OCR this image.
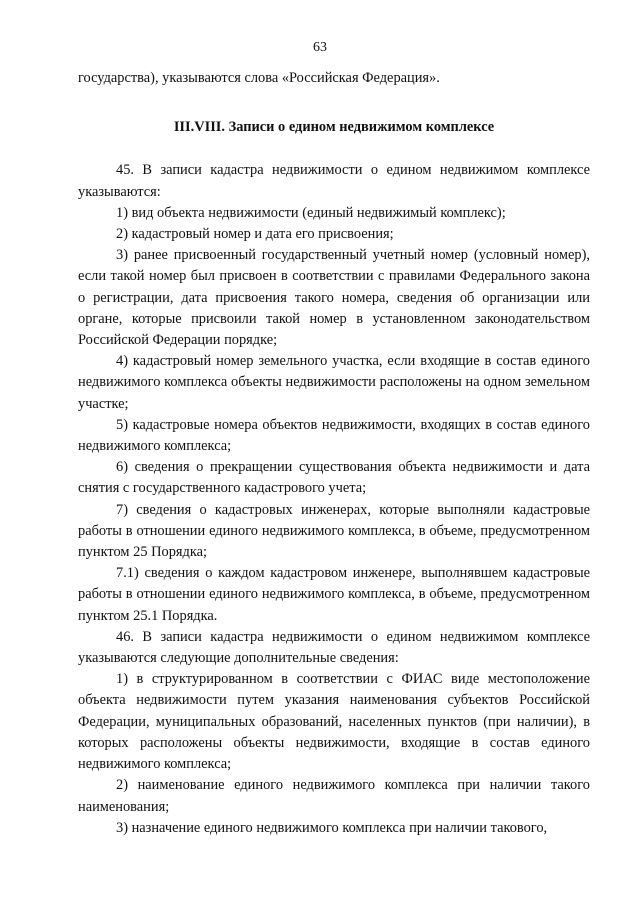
63

государства), указываются слова «Российская Федерация».

III.VIII. Записи о едином недвижимом комплексе

45. В записи кадастра недвижимости о едином недвижимом комплексе указываются:

1) вид объекта недвижимости (единый недвижимый комплекс);

2) кадастровый номер и дата его присвоения;

3) ранее присвоенный государственный учетный номер (условный номер), если такой номер был присвоен в соответствии с правилами Федерального закона о регистрации, дата присвоения такого номера, сведения об организации или органе, которые присвоили такой номер в установленном законодательством Российской Федерации порядке;

4) кадастровый номер земельного участка, если входящие в состав единого недвижимого комплекса объекты недвижимости расположены на одном земельном участке;

5) кадастровые номера объектов недвижимости, входящих в состав единого недвижимого комплекса;

6) сведения о прекращении существования объекта недвижимости и дата снятия с государственного кадастрового учета;

7) сведения о кадастровых инженерах, которые выполняли кадастровые работы в отношении единого недвижимого комплекса, в объеме, предусмотренном пунктом 25 Порядка;

7.1) сведения о каждом кадастровом инженере, выполнявшем кадастровые работы в отношении единого недвижимого комплекса, в объеме, предусмотренном пунктом 25.1 Порядка.

46. В записи кадастра недвижимости о едином недвижимом комплексе указываются следующие дополнительные сведения:

1) в структурированном в соответствии с ФИАС виде местоположение объекта недвижимости путем указания наименования субъектов Российской Федерации, муниципальных образований, населенных пунктов (при наличии), в которых расположены объекты недвижимости, входящие в состав единого недвижимого комплекса;

2) наименование единого недвижимого комплекса при наличии такого наименования;

3) назначение единого недвижимого комплекса при наличии такового,
